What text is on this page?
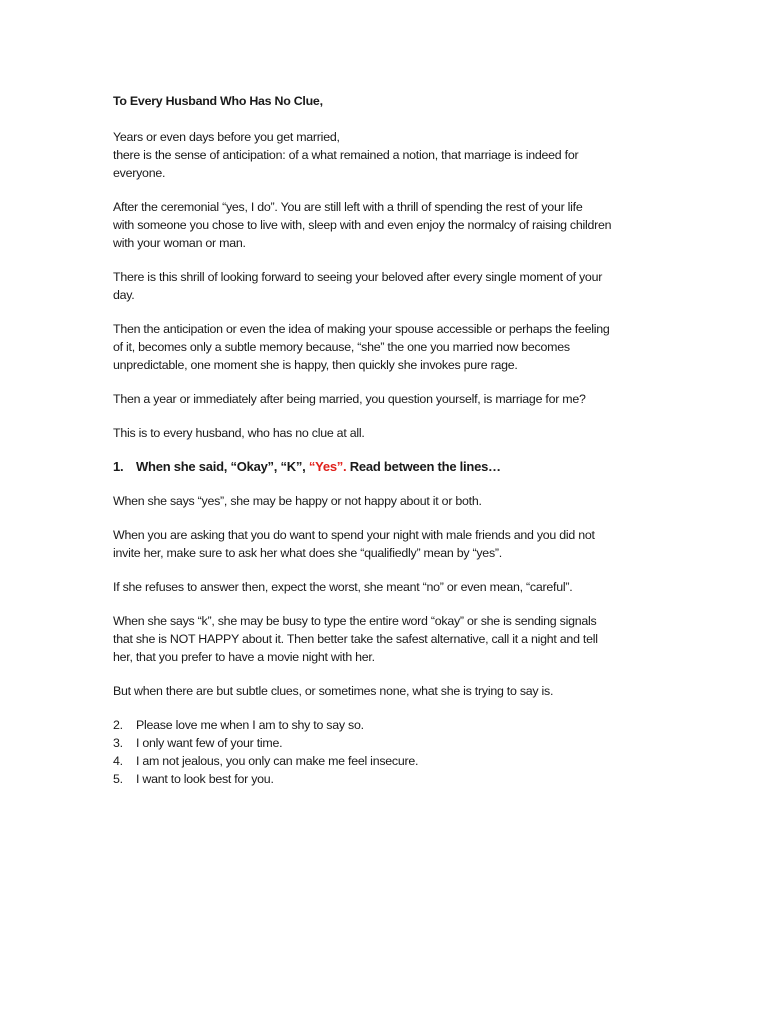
To Every Husband Who Has No Clue,

Years or even days before you get married,
there is the sense of anticipation: of a what remained a notion, that marriage is indeed for
everyone.

After the ceremonial “yes, I do”. You are still left with a thrill of spending the rest of your life
with someone you chose to live with, sleep with and even enjoy the normalcy of raising children
with your woman or man.

There is this shrill of looking forward to seeing your beloved after every single moment of your
day.

Then the anticipation or even the idea of making your spouse accessible or perhaps the feeling
of it, becomes only a subtle memory because, “she” the one you married now becomes
unpredictable, one moment she is happy, then quickly she invokes pure rage.

Then a year or immediately after being married, you question yourself, is marriage for me?

This is to every husband, who has no clue at all.

1. When she said, “Okay”, “K”, “Yes”. Read between the lines…

When she says “yes”, she may be happy or not happy about it or both.

When you are asking that you do want to spend your night with male friends and you did not
invite her, make sure to ask her what does she “qualifiedly” mean by “yes”.

If she refuses to answer then, expect the worst, she meant “no” or even mean, “careful”.

When she says “k”, she may be busy to type the entire word “okay” or she is sending signals
that she is NOT HAPPY about it. Then better take the safest alternative, call it a night and tell
her, that you prefer to have a movie night with her.

But when there are but subtle clues, or sometimes none, what she is trying to say is.

2.	Please love me when I am to shy to say so.
3.	I only want few of your time.
4.	I am not jealous, you only can make me feel insecure.
5.	I want to look best for you.
